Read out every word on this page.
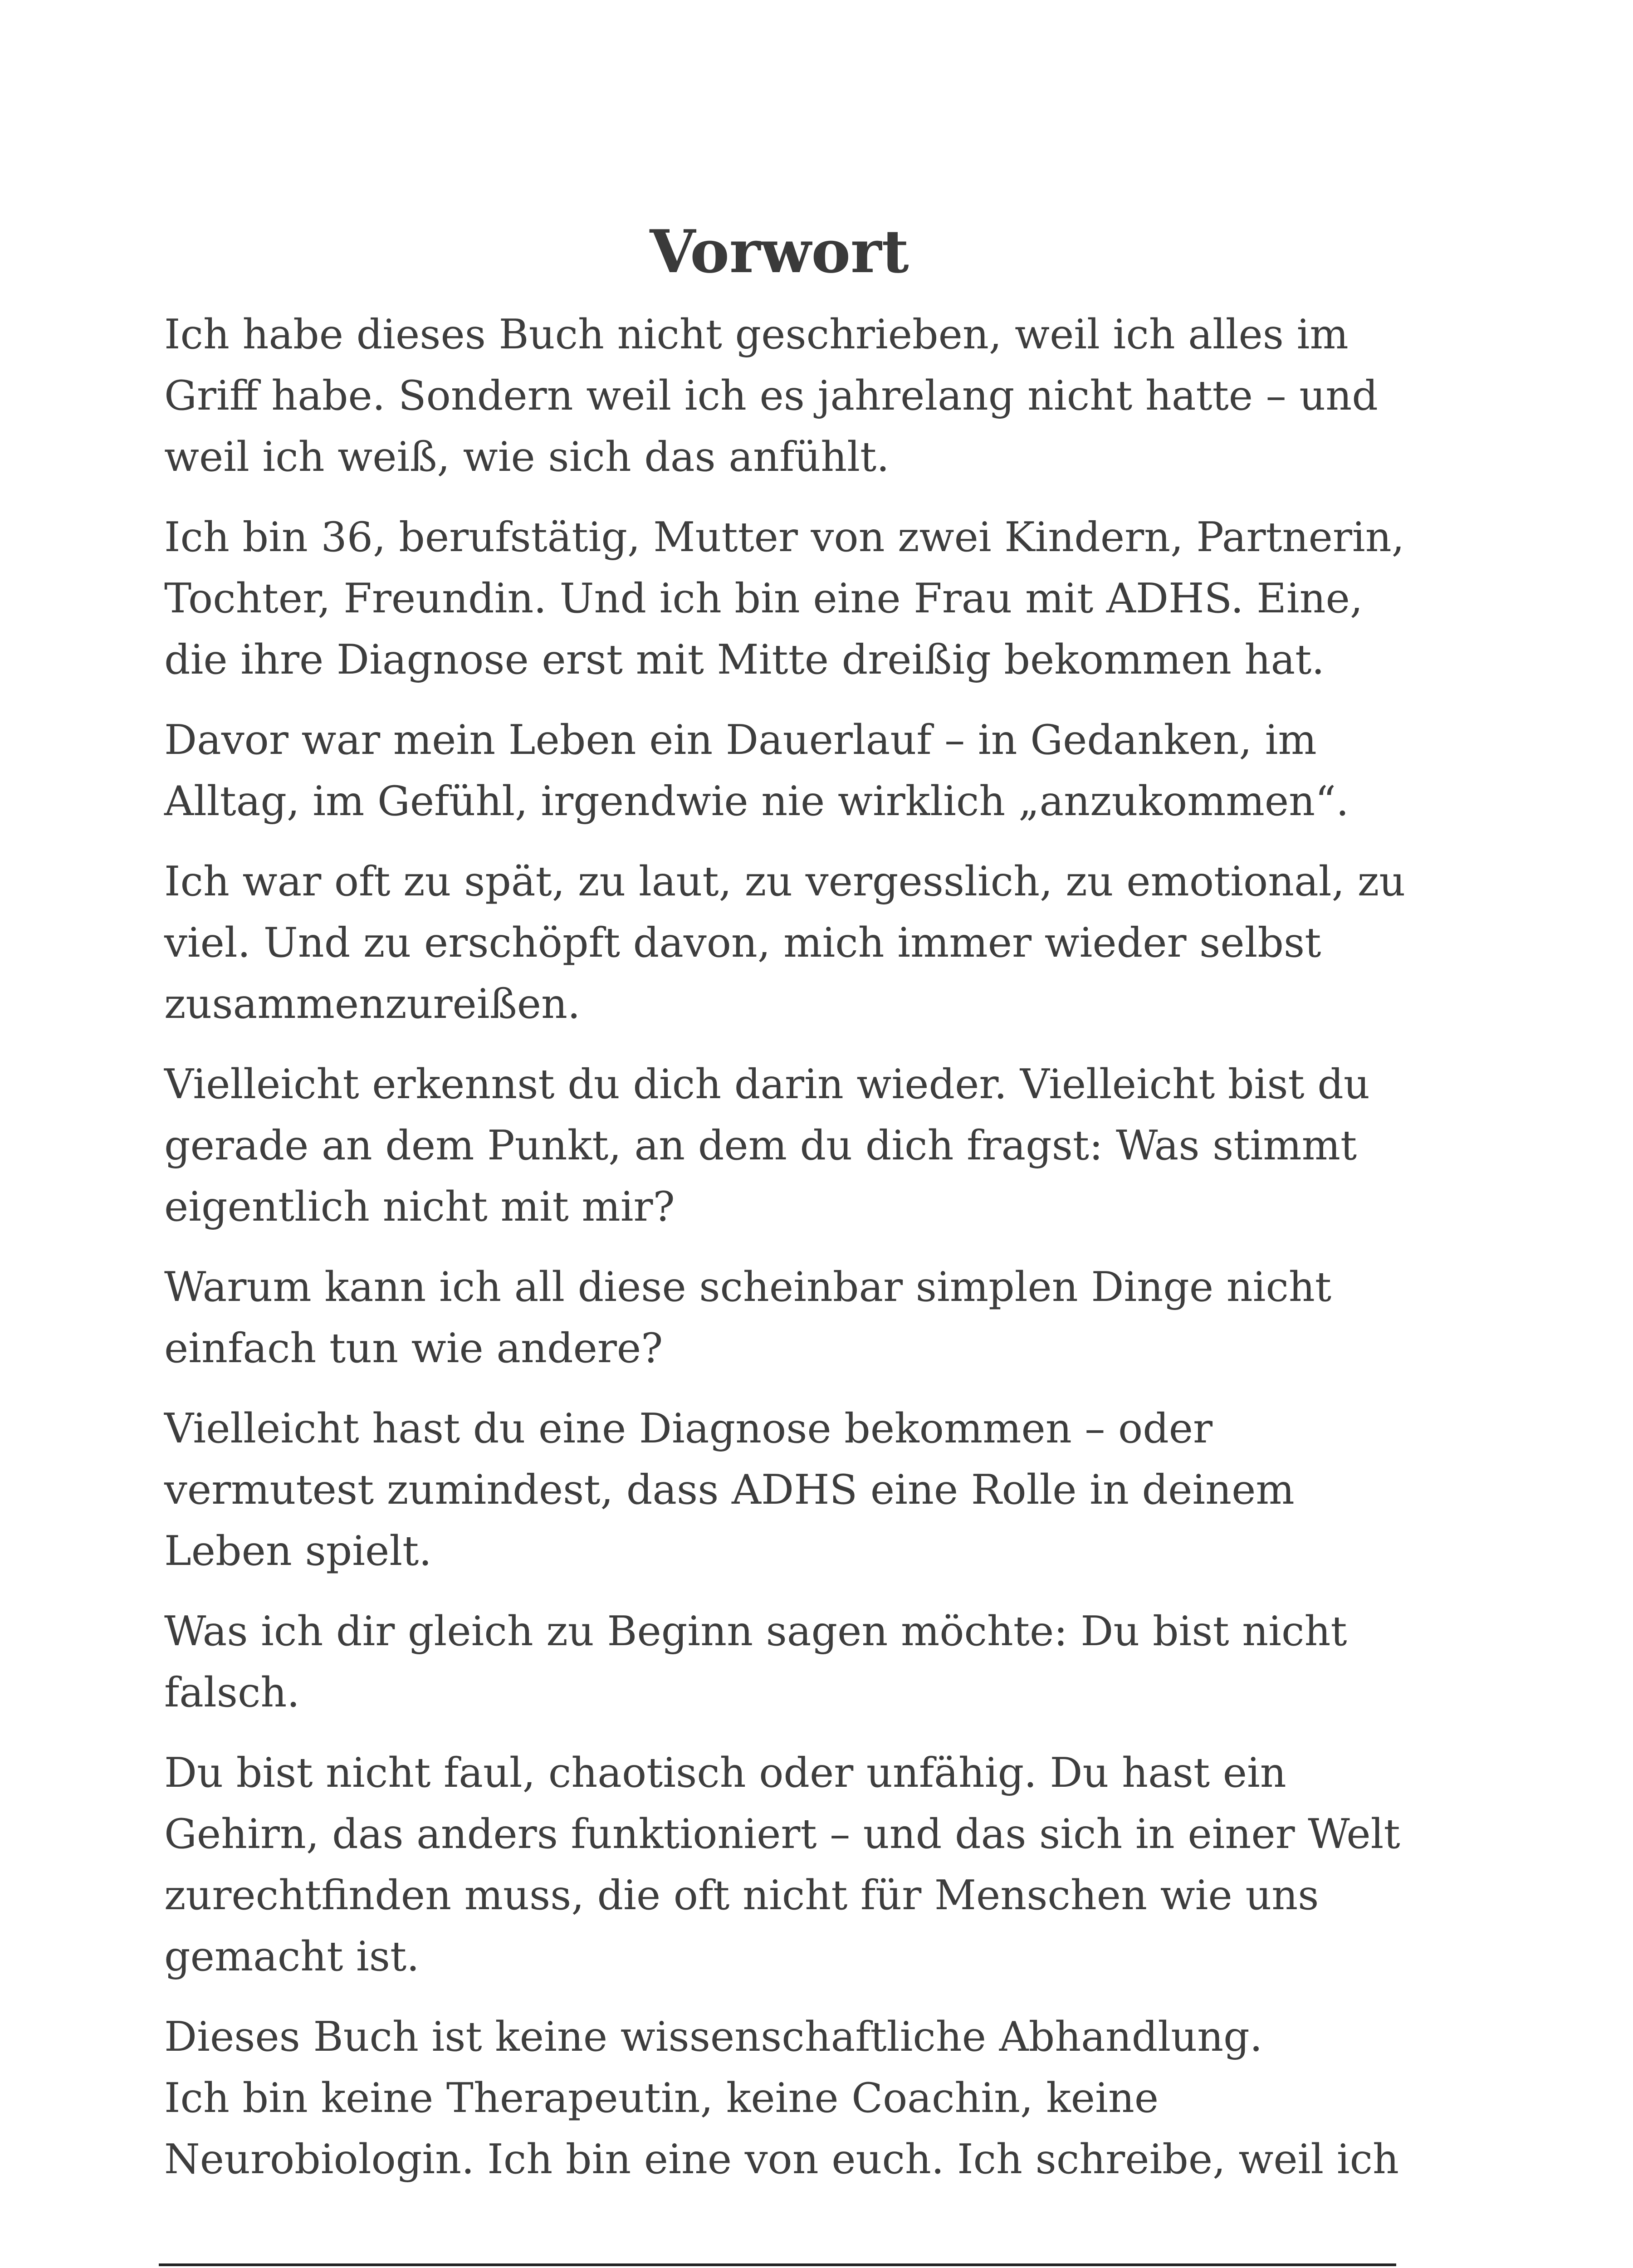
Vorwort

Ich habe dieses Buch nicht geschrieben, weil ich alles im
Griff habe. Sondern weil ich es jahrelang nicht hatte – und
weil ich weiß, wie sich das anfühlt.

Ich bin 36, berufstätig, Mutter von zwei Kindern, Partnerin,
Tochter, Freundin. Und ich bin eine Frau mit ADHS. Eine,
die ihre Diagnose erst mit Mitte dreißig bekommen hat.

Davor war mein Leben ein Dauerlauf – in Gedanken, im
Alltag, im Gefühl, irgendwie nie wirklich „anzukommen“.

Ich war oft zu spät, zu laut, zu vergesslich, zu emotional, zu
viel. Und zu erschöpft davon, mich immer wieder selbst
zusammenzureißen.

Vielleicht erkennst du dich darin wieder. Vielleicht bist du
gerade an dem Punkt, an dem du dich fragst: Was stimmt
eigentlich nicht mit mir?

Warum kann ich all diese scheinbar simplen Dinge nicht
einfach tun wie andere?

Vielleicht hast du eine Diagnose bekommen – oder
vermutest zumindest, dass ADHS eine Rolle in deinem
Leben spielt.

Was ich dir gleich zu Beginn sagen möchte: Du bist nicht
falsch.

Du bist nicht faul, chaotisch oder unfähig. Du hast ein
Gehirn, das anders funktioniert – und das sich in einer Welt
zurechtfinden muss, die oft nicht für Menschen wie uns
gemacht ist.

Dieses Buch ist keine wissenschaftliche Abhandlung.
Ich bin keine Therapeutin, keine Coachin, keine
Neurobiologin. Ich bin eine von euch. Ich schreibe, weil ich
